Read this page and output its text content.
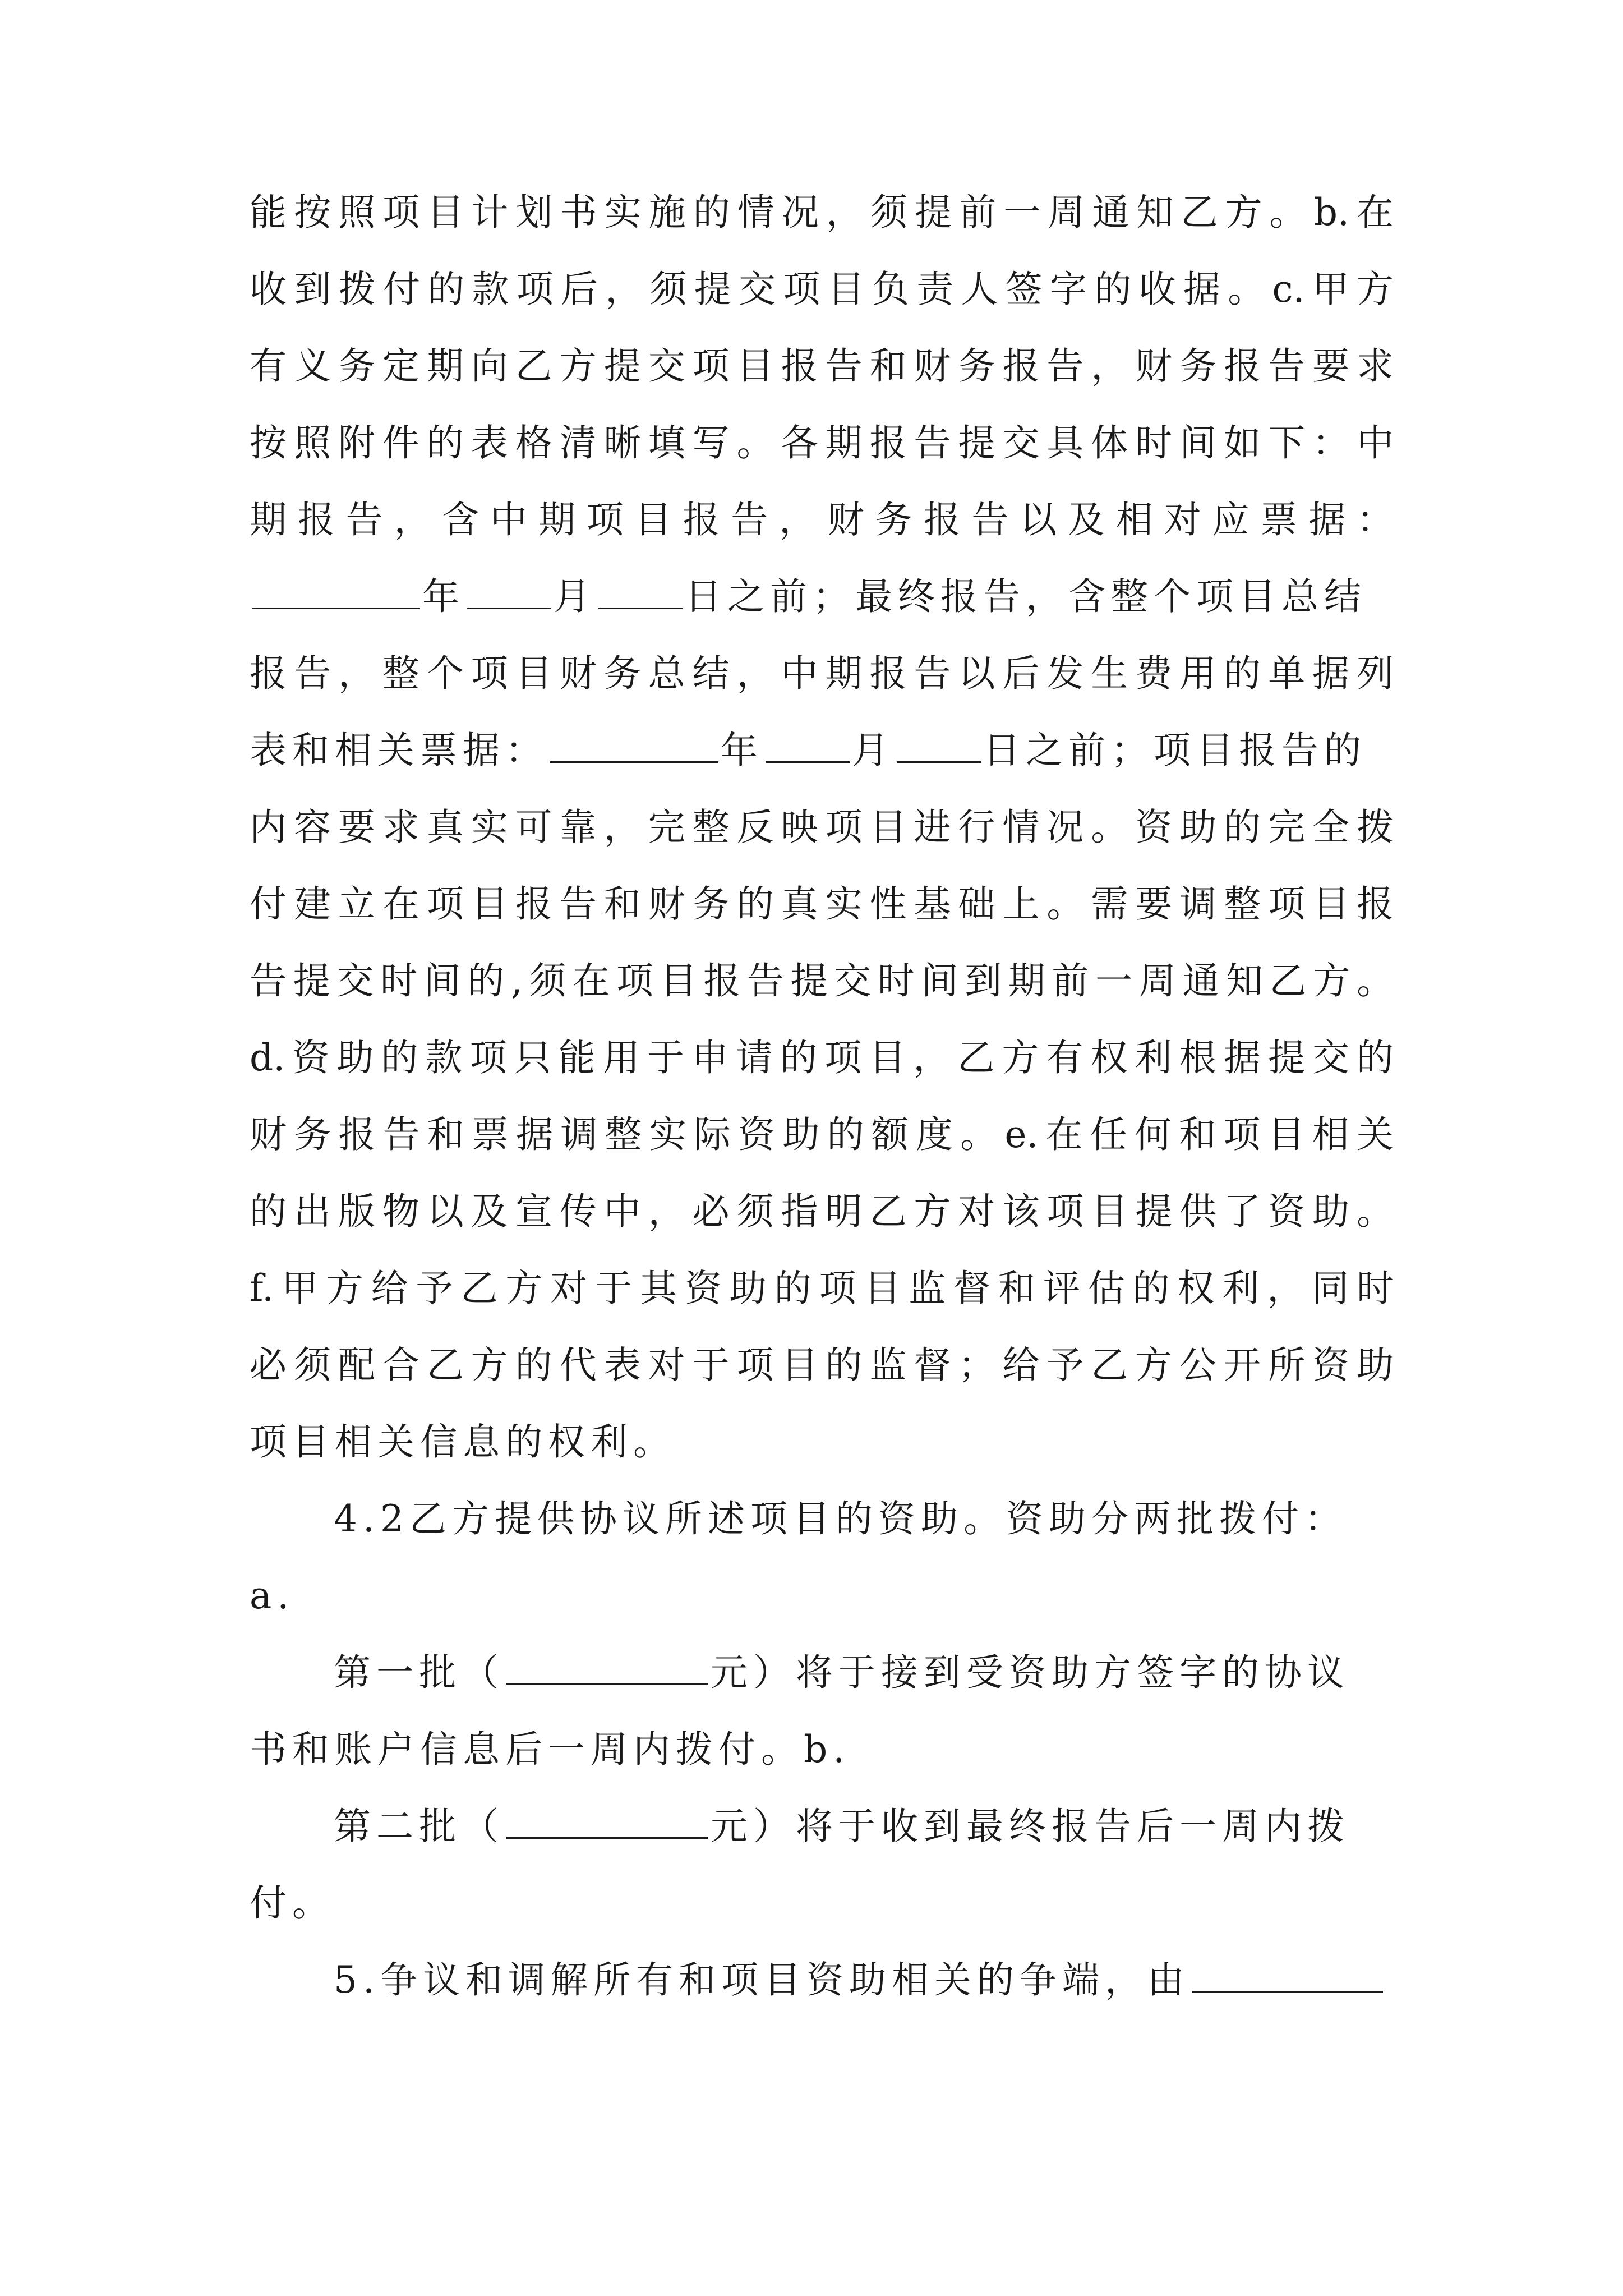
能按照项目计划书实施的情况，须提前一周通知乙方。b.在
收到拨付的款项后，须提交项目负责人签字的收据。c.甲方
有义务定期向乙方提交项目报告和财务报告，财务报告要求
按照附件的表格清晰填写。各期报告提交具体时间如下：中
期报告，含中期项目报告，财务报告以及相对应票据：
年 月 日之前；最终报告，含整个项目总结
报告，整个项目财务总结，中期报告以后发生费用的单据列
表和相关票据：	年 月 日之前；项目报告的
内容要求真实可靠，完整反映项目进行情况。资助的完全拨
付建立在项目报告和财务的真实性基础上。需要调整项目报
告提交时间的,须在项目报告提交时间到期前一周通知乙方。
d.资助的款项只能用于申请的项目，乙方有权利根据提交的
财务报告和票据调整实际资助的额度。e.在任何和项目相关
的出版物以及宣传中，必须指明乙方对该项目提供了资助。
f.甲方给予乙方对于其资助的项目监督和评估的权利，同时
必须配合乙方的代表对于项目的监督；给予乙方公开所资助
项目相关信息的权利。
4.2乙方提供协议所述项目的资助。资助分两批拨付：
a.
第一批（	元）将于接到受资助方签字的协议
书和账户信息后一周内拨付。b.
第二批（	元）将于收到最终报告后一周内拨
付。
5.争议和调解所有和项目资助相关的争端，由
